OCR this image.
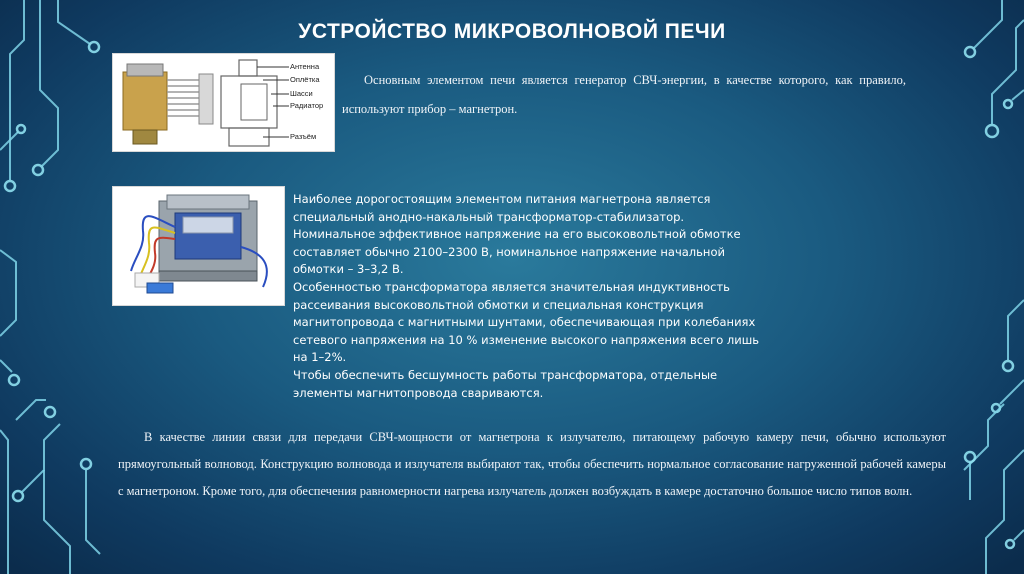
УСТРОЙСТВО МИКРОВОЛНОВОЙ ПЕЧИ
Антенна
Оплётка
Шасси
Радиатор
Разъём

Основным элементом печи является генератор СВЧ-энергии, в качестве которого, как правило, используют прибор – магнетрон.

Наиболее дорогостоящим элементом питания магнетрона является

специальный анодно-накальный трансформатор-стабилизатор.

Номинальное эффективное напряжение на его высоковольтной обмотке

составляет обычно 2100–2300 В, номинальное напряжение начальной

обмотки – 3–3,2 В.

Особенностью трансформатора является значительная индуктивность

рассеивания высоковольтной обмотки и специальная конструкция

магнитопровода с магнитными шунтами, обеспечивающая при колебаниях

сетевого напряжения на 10 % изменение высокого напряжения всего лишь

на 1–2%.

Чтобы обеспечить бесшумность работы трансформатора, отдельные

элементы магнитопровода свариваются.

В качестве линии связи для передачи СВЧ-мощности от магнетрона к излучателю, питающему рабочую камеру печи, обычно используют прямоугольный волновод. Конструкцию волновода и излучателя выбирают так, чтобы обеспечить нормальное согласование нагруженной рабочей камеры с магнетроном. Кроме того, для обеспечения равномерности нагрева излучатель должен возбуждать в камере достаточно большое число типов волн.
